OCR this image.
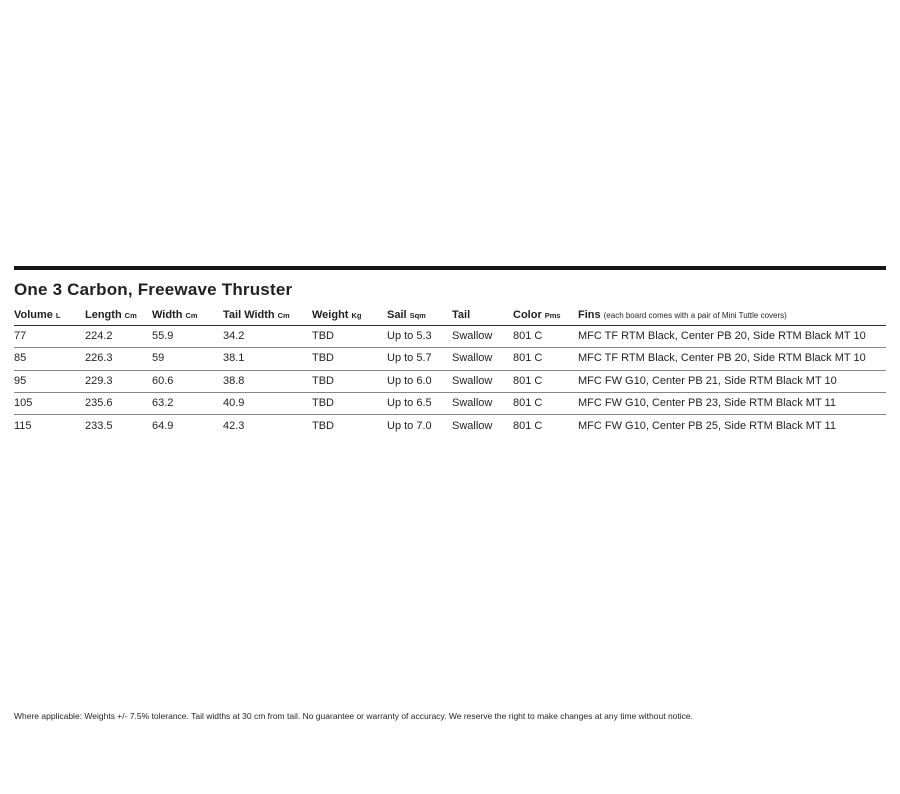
One 3 Carbon, Freewave Thruster
Volume L	Length Cm	Width Cm	Tail Width Cm	Weight Kg	Sail Sqm	Tail	Color Pms	Fins (each board comes with a pair of Mini Tuttle covers)
77	224.2	55.9	34.2	TBD	Up to 5.3	Swallow	801 C	MFC TF RTM Black, Center PB 20, Side RTM Black MT 10
85	226.3	59	38.1	TBD	Up to 5.7	Swallow	801 C	MFC TF RTM Black, Center PB 20, Side RTM Black MT 10
95	229.3	60.6	38.8	TBD	Up to 6.0	Swallow	801 C	MFC FW G10, Center PB 21, Side RTM Black MT 10
105	235.6	63.2	40.9	TBD	Up to 6.5	Swallow	801 C	MFC FW G10, Center PB 23, Side RTM Black MT 11
115	233.5	64.9	42.3	TBD	Up to 7.0	Swallow	801 C	MFC FW G10, Center PB 25, Side RTM Black MT 11
Where applicable: Weights +/- 7.5% tolerance. Tail widths at 30 cm from tail. No guarantee or warranty of accuracy. We reserve the right to make changes at any time without notice.
